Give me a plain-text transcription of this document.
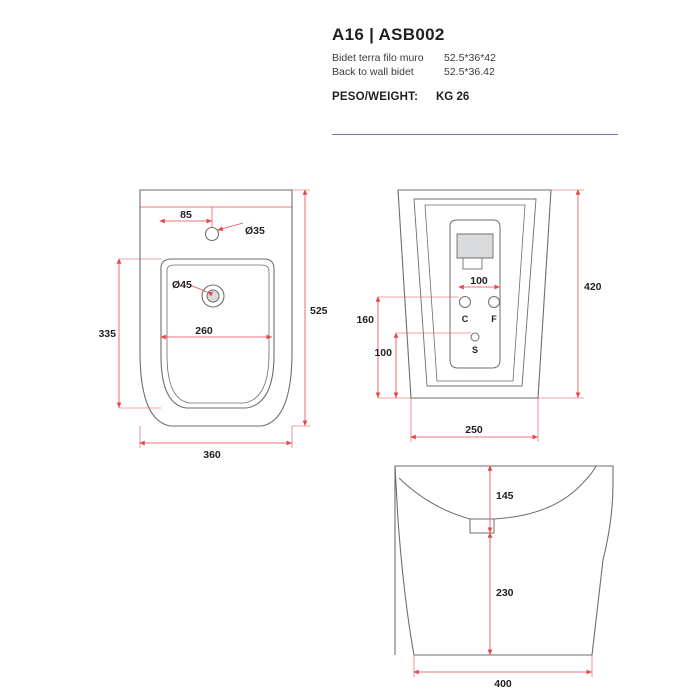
A16 | ASB002
Bidet terra filo muro	52.5*36*42
Back to wall bidet	52.5*36.42
PESO/WEIGHT:	KG 26
85
Ø35
Ø45
260
335
525
360
C	F
S
100
160
100
420
250
145
230
400
